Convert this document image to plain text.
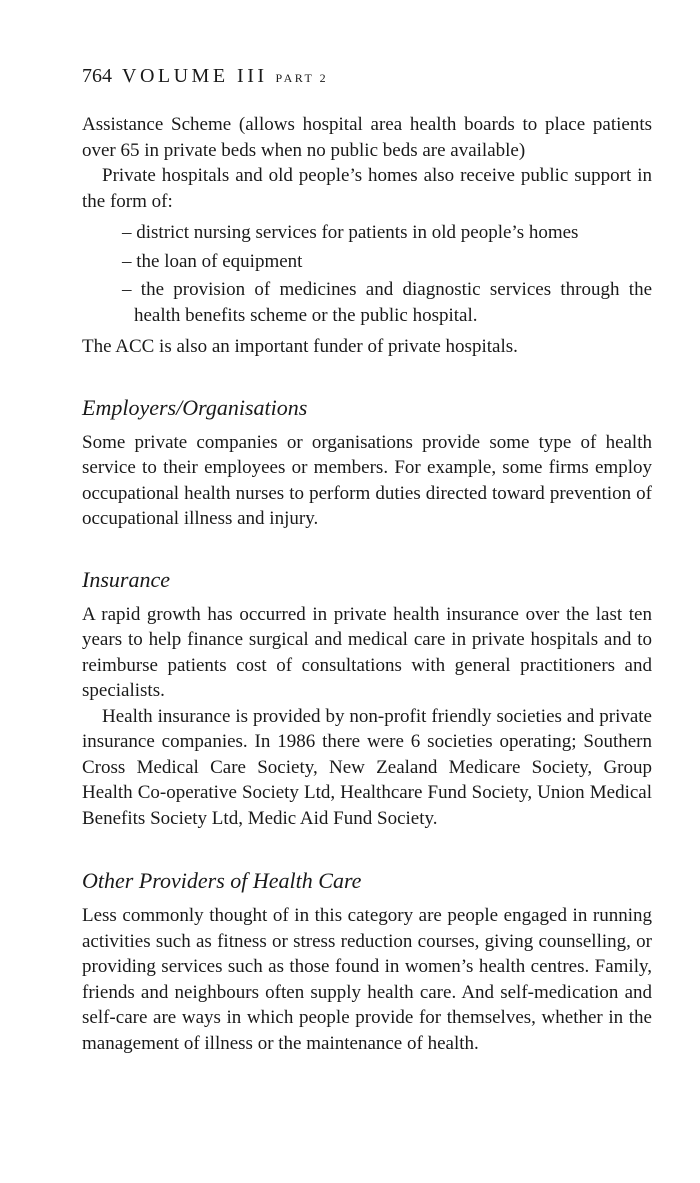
764 VOLUME III PART 2

Assistance Scheme (allows hospital area health boards to place patients over 65 in private beds when no public beds are available)

Private hospitals and old people’s homes also receive public support in the form of:

– district nursing services for patients in old people’s homes
– the loan of equipment
– the provision of medicines and diagnostic services through the health benefits scheme or the public hospital.

The ACC is also an important funder of private hospitals.

Employers/Organisations

Some private companies or organisations provide some type of health service to their employees or members. For example, some firms employ occupational health nurses to perform duties directed toward prevention of occupational illness and injury.

Insurance

A rapid growth has occurred in private health insurance over the last ten years to help finance surgical and medical care in private hospitals and to reimburse patients cost of consultations with general practitioners and specialists.

Health insurance is provided by non-profit friendly societies and private insurance companies. In 1986 there were 6 societies operating; Southern Cross Medical Care Society, New Zealand Medicare Society, Group Health Co-operative Society Ltd, Healthcare Fund Society, Union Medical Benefits Society Ltd, Medic Aid Fund Society.

Other Providers of Health Care

Less commonly thought of in this category are people engaged in running activities such as fitness or stress reduction courses, giving counselling, or providing services such as those found in women’s health centres. Family, friends and neighbours often supply health care. And self-medication and self-care are ways in which people provide for themselves, whether in the management of illness or the maintenance of health.
